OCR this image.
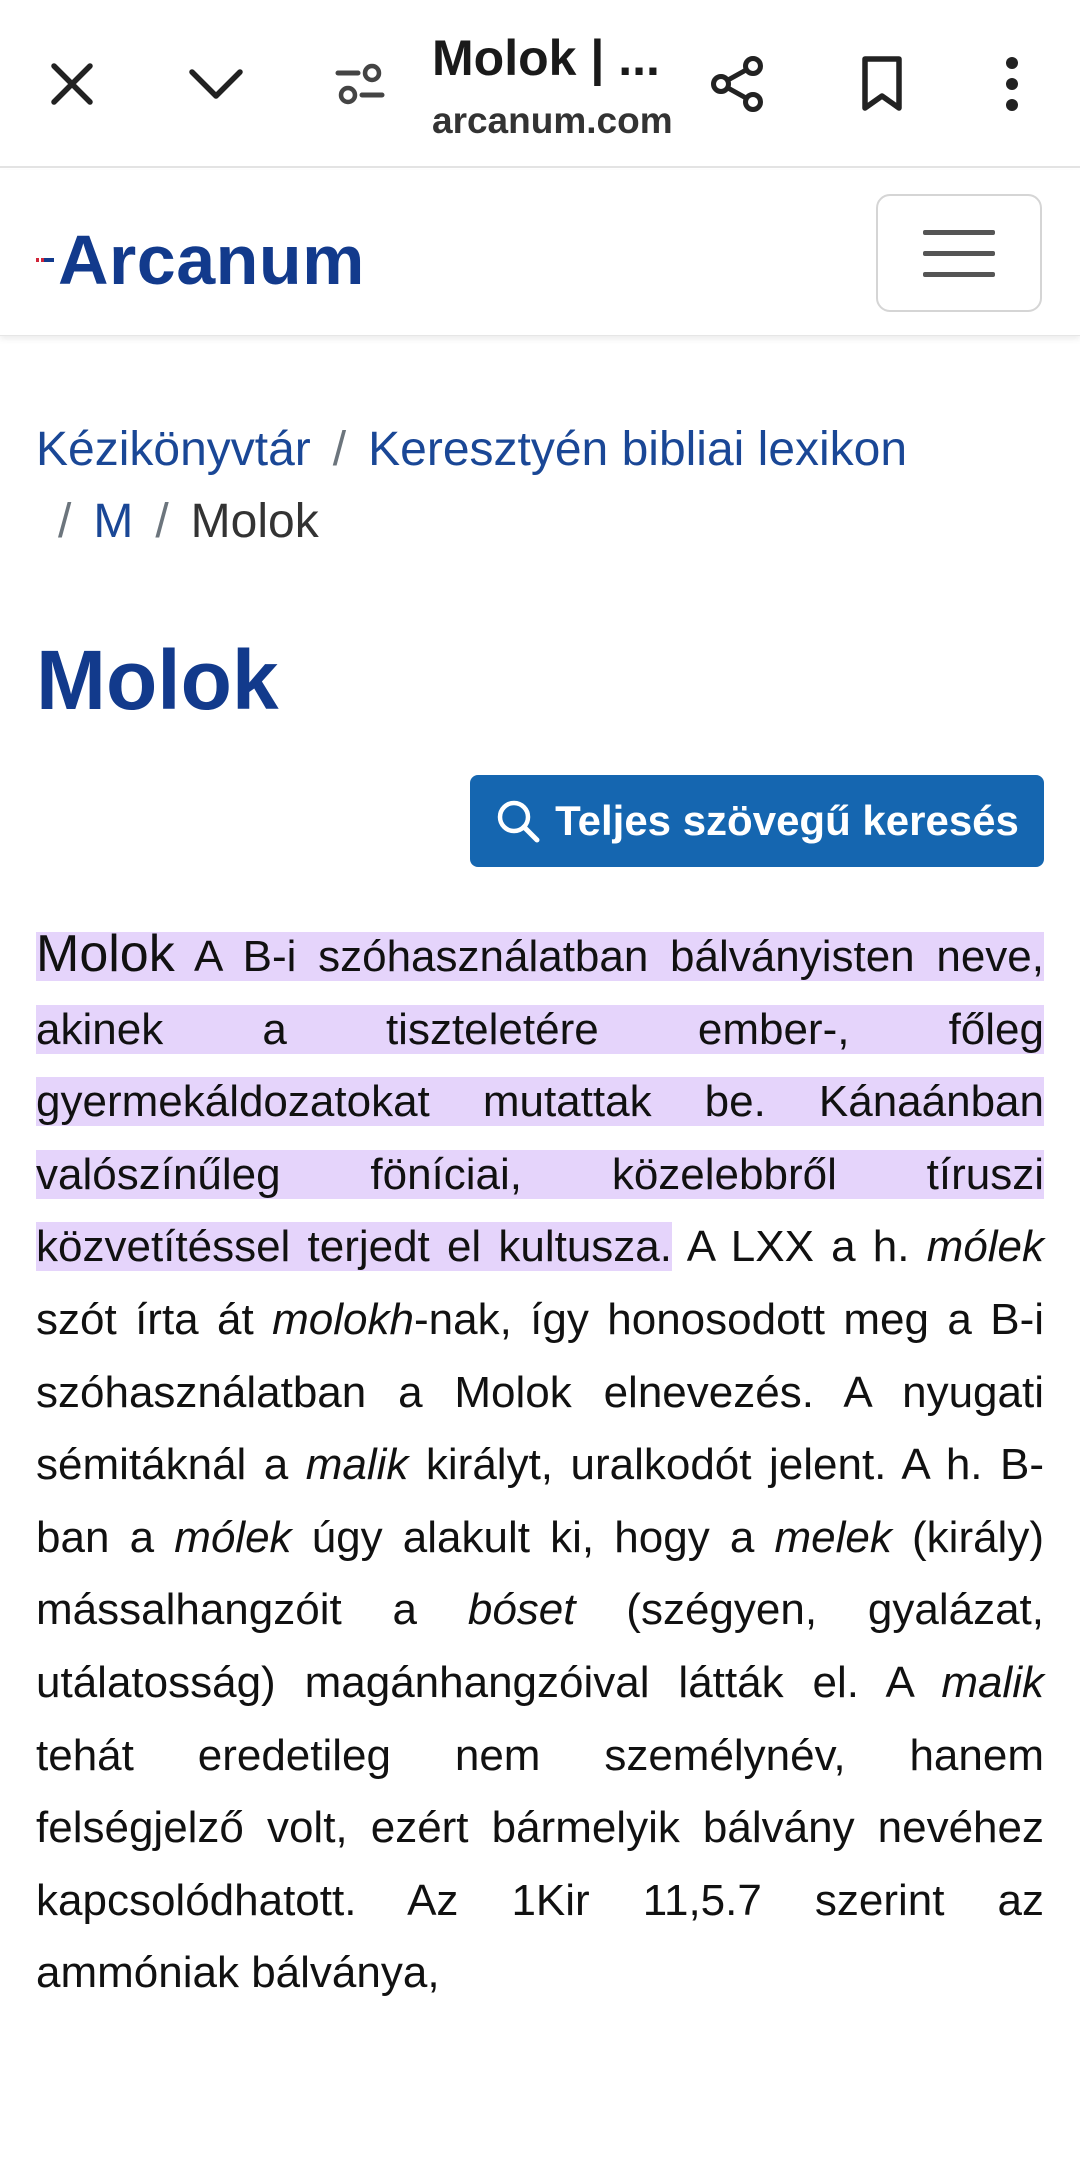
Molok | ...
arcanum.com
Arcanum
Kézikönyvtár / Keresztyén bibliai lexikon
/ M / Molok
Molok
Teljes szövegű keresés
Molok A B-i szóhasználatban bálványisten neve, akinek a tiszteletére ember-, főleg gyermekáldozatokat mutattak be. Kánaánban valószínűleg föníciai, közelebbről tíruszi közvetítéssel terjedt el kultusza. A LXX a h. mólek szót írta át molokh-nak, így honosodott meg a B-i szóhasználatban a Molok elnevezés. A nyugati sémitáknál a malik királyt, uralkodót jelent. A h. B-ban a mólek úgy alakult ki, hogy a melek (király) mássalhangzóit a bóset (szégyen, gyalázat, utálatosság) magánhangzóival látták el. A malik tehát eredetileg nem személynév, hanem felségjelző volt, ezért bármelyik bálvány nevéhez kapcsolódhatott. Az 1Kir 11,5.7 szerint az ammóniak bálványa,
